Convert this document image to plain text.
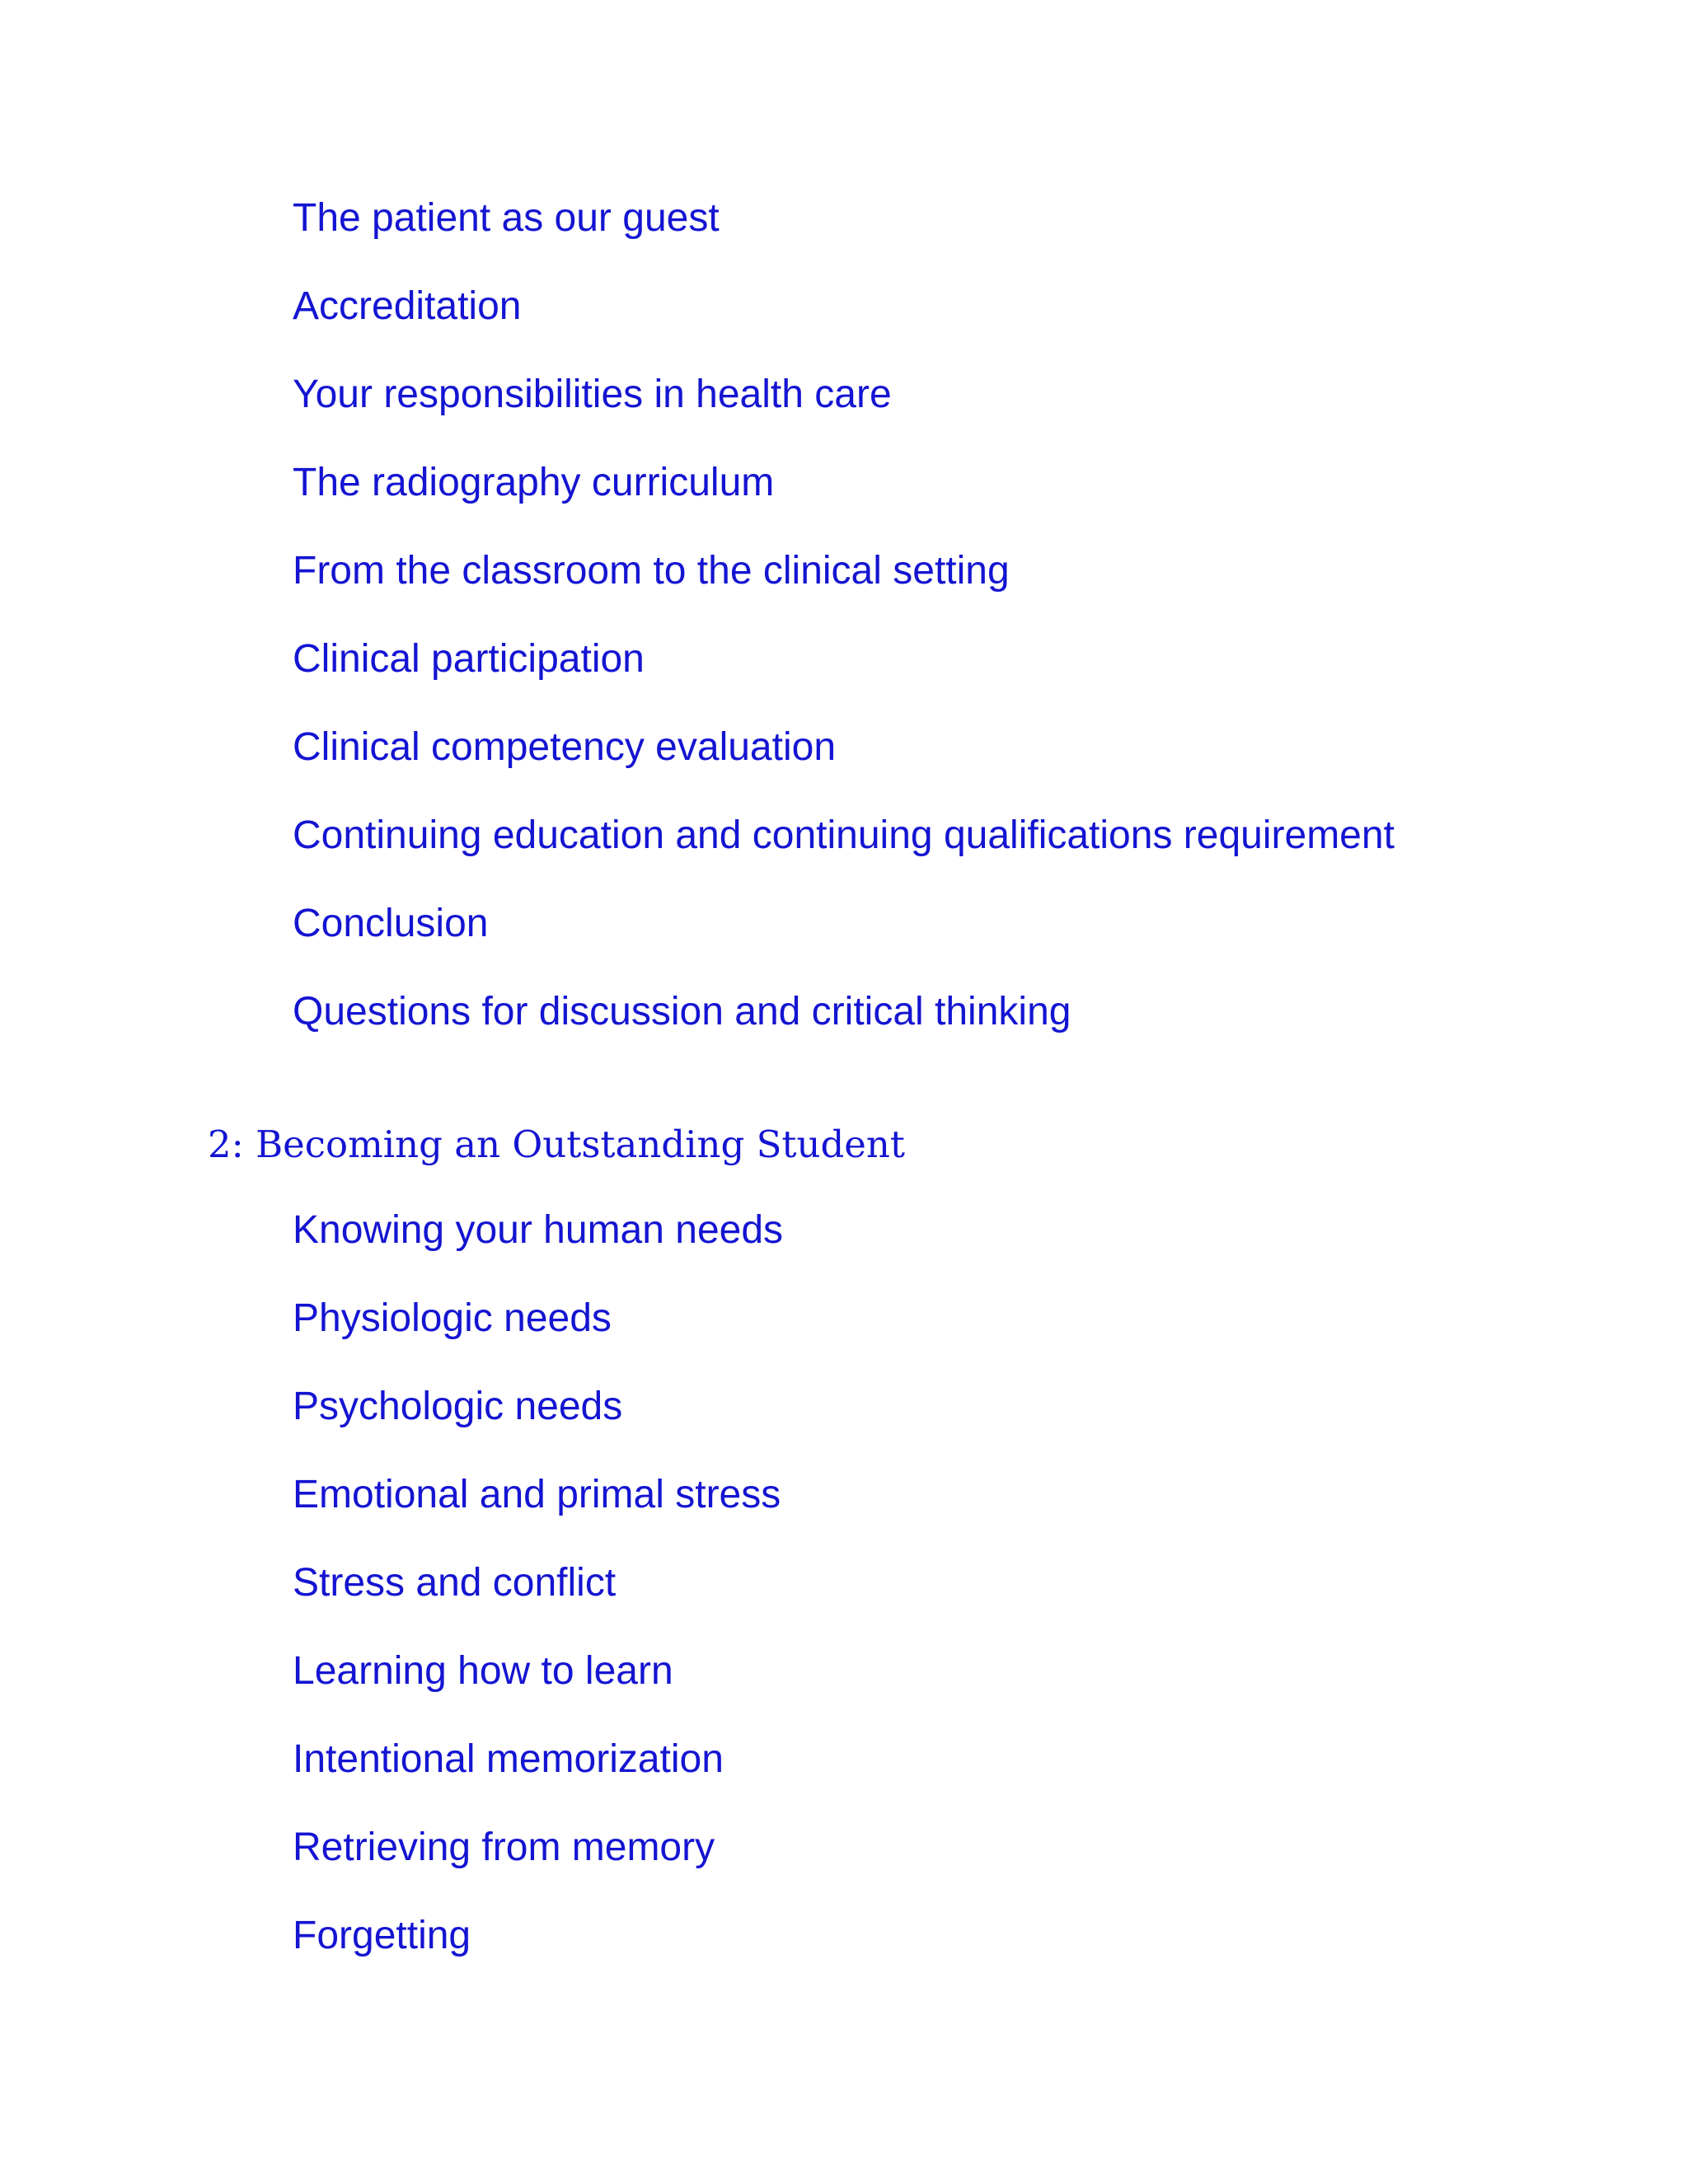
The patient as our guest
Accreditation
Your responsibilities in health care
The radiography curriculum
From the classroom to the clinical setting
Clinical participation
Clinical competency evaluation
Continuing education and continuing qualifications requirement
Conclusion
Questions for discussion and critical thinking
2: Becoming an Outstanding Student
Knowing your human needs
Physiologic needs
Psychologic needs
Emotional and primal stress
Stress and conflict
Learning how to learn
Intentional memorization
Retrieving from memory
Forgetting
